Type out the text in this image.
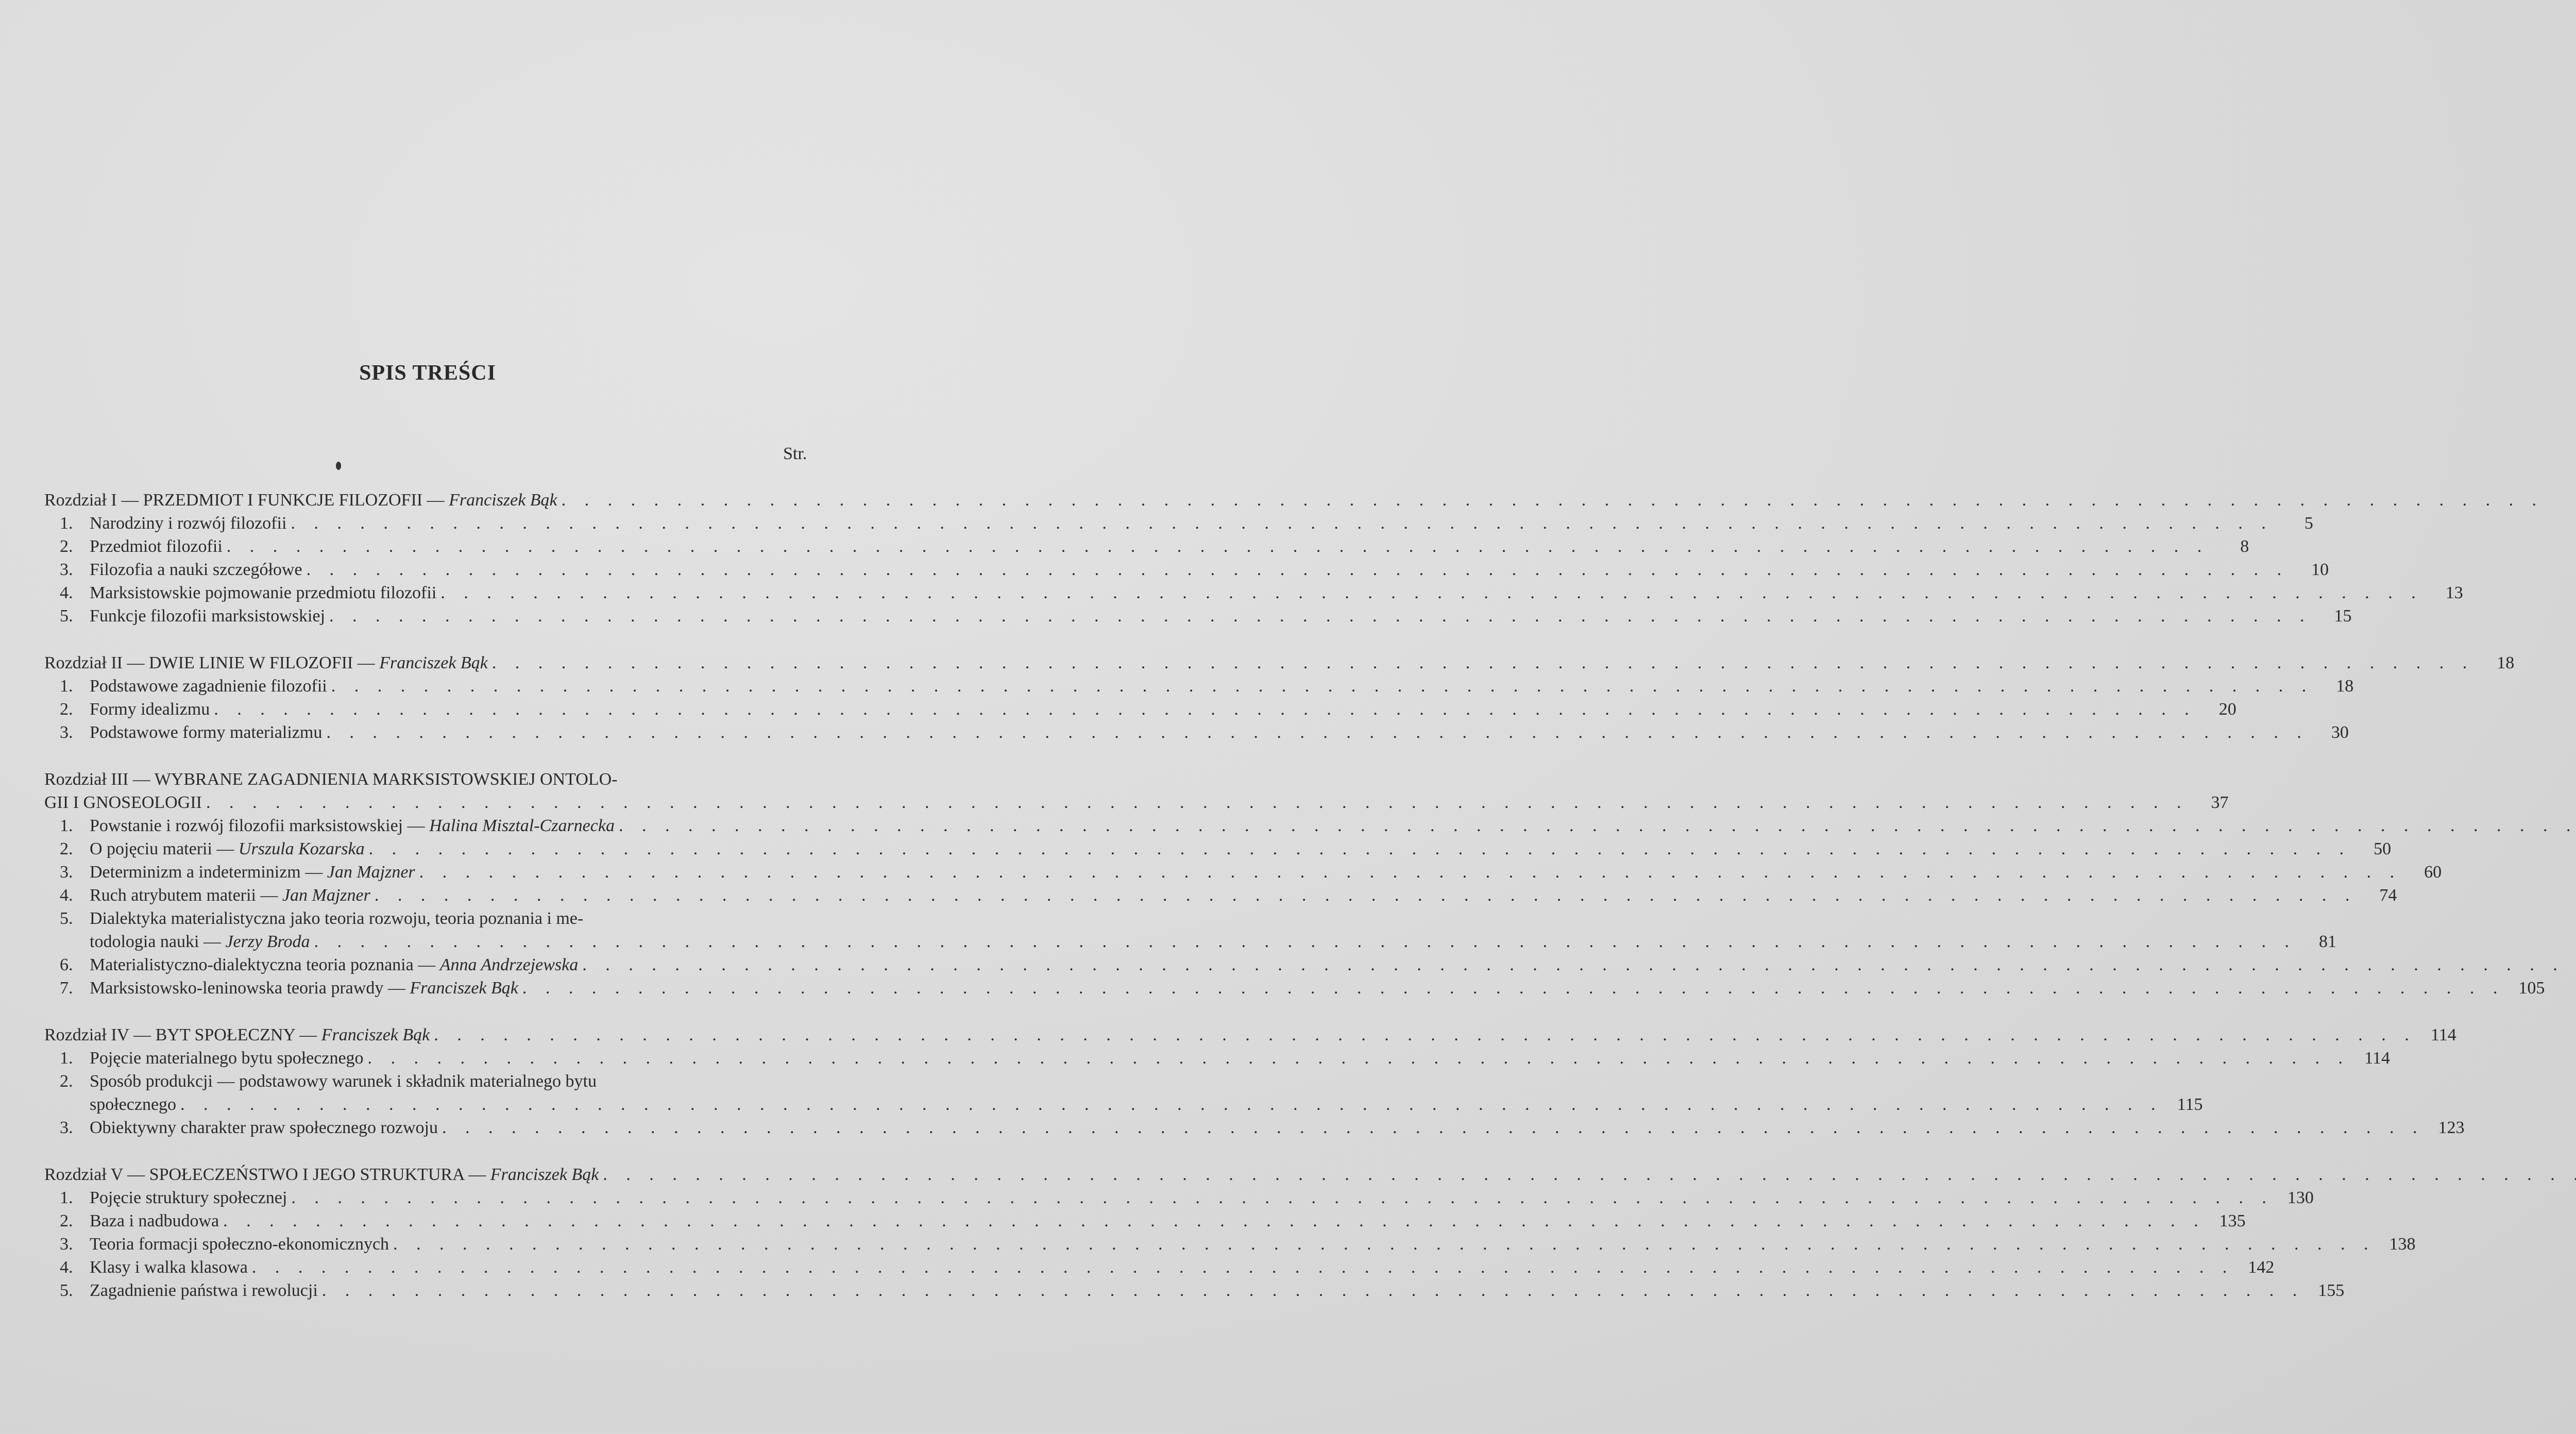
SPIS TREŚCI
Str.
Rozdział I — PRZEDMIOT I FUNKCJE FILOZOFII — Franciszek Bąk
. . .
1. Narodziny i rozwój filozofii . . .	5
2. Przedmiot filozofii . . .	8
3. Filozofia a nauki szczegółowe . . .	10
4. Marksistowskie pojmowanie przedmiotu filozofii . . .	13
5. Funkcje filozofii marksistowskiej . . .	15
Rozdział II — DWIE LINIE W FILOZOFII — Franciszek Bąk . . .	18
1. Podstawowe zagadnienie filozofii . . .	18
2. Formy idealizmu . . .	20
3. Podstawowe formy materializmu . . .	30
Rozdział III — WYBRANE ZAGADNIENIA MARKSISTOWSKIEJ ONTOLO-
GII I GNOSEOLOGII . . .	37
1. Powstanie i rozwój filozofii marksistowskiej — Halina Misztal-Czarnecka
. . .
2. O pojęciu materii — Urszula Kozarska . . .	50
3. Determinizm a indeterminizm — Jan Majzner . . .	60
4. Ruch atrybutem materii — Jan Majzner . . .	74
5. Dialektyka materialistyczna jako teoria rozwoju, teoria poznania i me-
todologia nauki — Jerzy Broda . . .	81
6. Materialistyczno-dialektyczna teoria poznania — Anna Andrzejewska
. . .
7. Marksistowsko-leninowska teoria prawdy — Franciszek Bąk . . .	105
Rozdział IV — BYT SPOŁECZNY — Franciszek Bąk . . .	114
1. Pojęcie materialnego bytu społecznego . . .	114
2. Sposób produkcji — podstawowy warunek i składnik materialnego bytu
społecznego . . .	115
3. Obiektywny charakter praw społecznego rozwoju . . .	123
Rozdział V — SPOŁECZEŃSTWO I JEGO STRUKTURA — Franciszek Bąk
. . .
1. Pojęcie struktury społecznej . . .	130
2. Baza i nadbudowa . . .	135
3. Teoria formacji społeczno-ekonomicznych . . .	138
4. Klasy i walka klasowa . . .	142
5. Zagadnienie państwa i rewolucji . . .	155
